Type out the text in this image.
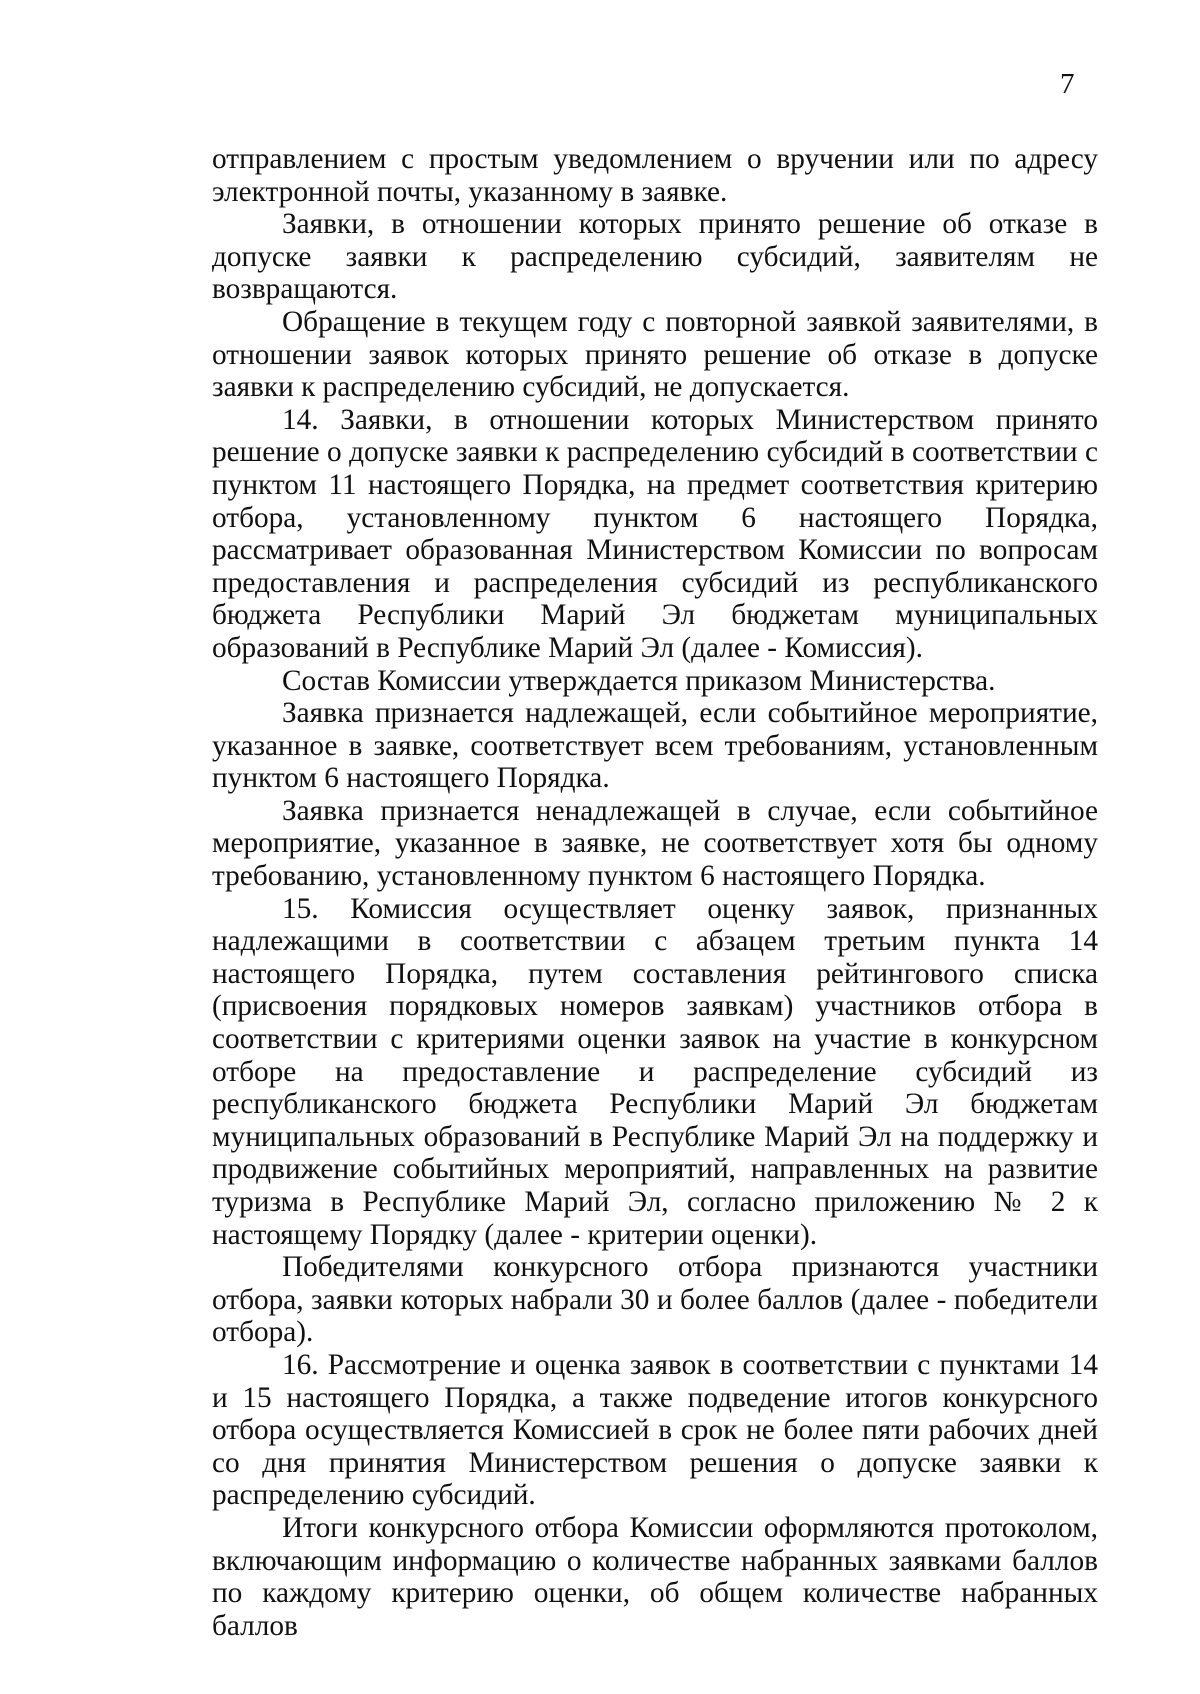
7

отправлением с простым уведомлением о вручении или по адресу электронной почты, указанному в заявке.

Заявки, в отношении которых принято решение об отказе в допуске заявки к распределению субсидий, заявителям не возвращаются.

Обращение в текущем году с повторной заявкой заявителями, в отношении заявок которых принято решение об отказе в допуске заявки к распределению субсидий, не допускается.

14. Заявки, в отношении которых Министерством принято решение о допуске заявки к распределению субсидий в соответствии с пунктом 11 настоящего Порядка, на предмет соответствия критерию отбора, установленному пунктом 6 настоящего Порядка, рассматривает образованная Министерством Комиссии по вопросам предоставления и распределения субсидий из республиканского бюджета Республики Марий Эл бюджетам муниципальных образований в Республике Марий Эл (далее - Комиссия).

Состав Комиссии утверждается приказом Министерства.

Заявка признается надлежащей, если событийное мероприятие, указанное в заявке, соответствует всем требованиям, установленным пунктом 6 настоящего Порядка.

Заявка признается ненадлежащей в случае, если событийное мероприятие, указанное в заявке, не соответствует хотя бы одному требованию, установленному пунктом 6 настоящего Порядка.

15. Комиссия осуществляет оценку заявок, признанных надлежащими в соответствии с абзацем третьим пункта 14 настоящего Порядка, путем составления рейтингового списка (присвоения порядковых номеров заявкам) участников отбора в соответствии с критериями оценки заявок на участие в конкурсном отборе на предоставление и распределение субсидий из республиканского бюджета Республики Марий Эл бюджетам муниципальных образований в Республике Марий Эл на поддержку и продвижение событийных мероприятий, направленных на развитие туризма в Республике Марий Эл, согласно приложению № 2 к настоящему Порядку (далее - критерии оценки).

Победителями конкурсного отбора признаются участники отбора, заявки которых набрали 30 и более баллов (далее - победители отбора).

16. Рассмотрение и оценка заявок в соответствии с пунктами 14 и 15 настоящего Порядка, а также подведение итогов конкурсного отбора осуществляется Комиссией в срок не более пяти рабочих дней со дня принятия Министерством решения о допуске заявки к распределению субсидий.

Итоги конкурсного отбора Комиссии оформляются протоколом, включающим информацию о количестве набранных заявками баллов по каждому критерию оценки, об общем количестве набранных баллов
